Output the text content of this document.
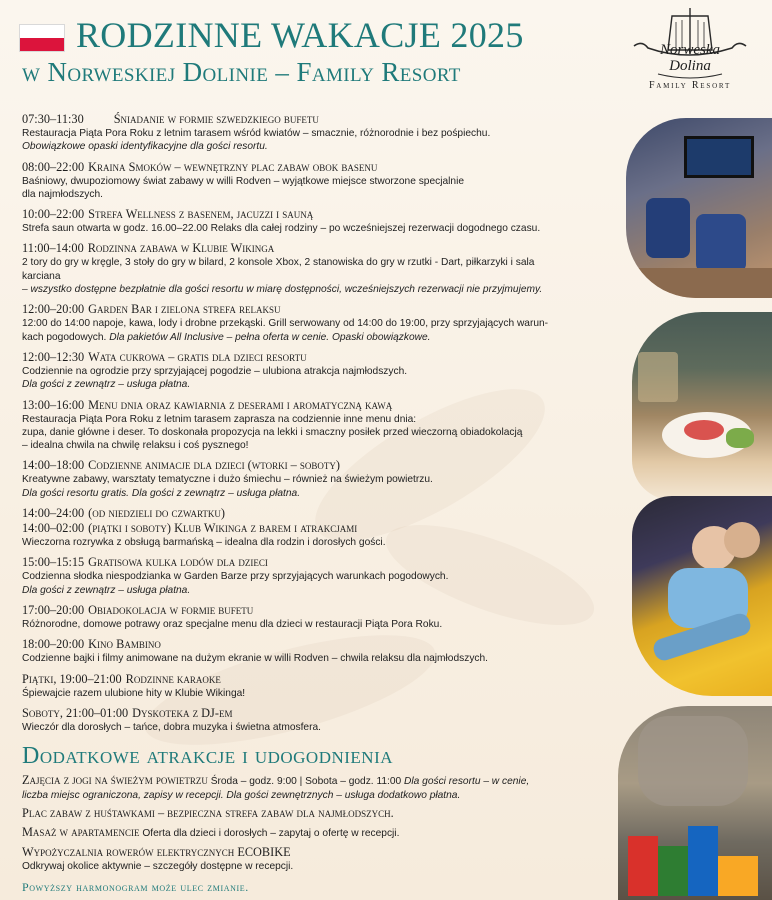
RODZINNE WAKACJE 2025
w Norweskiej Dolinie – Family Resort
Norweska
Dolina
Family Resort
07:30–11:30 Śniadanie w formie szwedzkiego bufetu

Restauracja Piąta Pora Roku z letnim tarasem wśród kwiatów – smacznie, różnorodnie i bez pośpiechu.

Obowiązkowe opaski identyfikacyjne dla gości resortu.

08:00–22:00 Kraina Smoków – wewnętrzny plac zabaw obok basenu

Baśniowy, dwupoziomowy świat zabawy w willi Rodven – wyjątkowe miejsce stworzone specjalnie

dla najmłodszych.

10:00–22:00 Strefa Wellness z basenem, jacuzzi i sauną

Strefa saun otwarta w godz. 16.00–22.00 Relaks dla całej rodziny – po wcześniejszej rezerwacji dogodnego czasu.

11:00–14:00 Rodzinna zabawa w Klubie Wikinga

2 tory do gry w kręgle, 3 stoły do gry w bilard, 2 konsole Xbox, 2 stanowiska do gry w rzutki - Dart, piłkarzyki i sala

karciana

– wszystko dostępne bezpłatnie dla gości resortu w miarę dostępności, wcześniejszych rezerwacji nie przyjmujemy.

12:00–20:00 Garden Bar i zielona strefa relaksu

12:00 do 14:00 napoje, kawa, lody i drobne przekąski. Grill serwowany od 14:00 do 19:00, przy sprzyjających warun-

kach pogodowych. Dla pakietów All Inclusive – pełna oferta w cenie. Opaski obowiązkowe.

12:00–12:30 Wata cukrowa – gratis dla dzieci resortu

Codziennie na ogrodzie przy sprzyjającej pogodzie – ulubiona atrakcja najmłodszych.

Dla gości z zewnątrz – usługa płatna.

13:00–16:00 Menu dnia oraz kawiarnia z deserami i aromatyczną kawą

Restauracja Piąta Pora Roku z letnim tarasem zaprasza na codziennie inne menu dnia:

zupa, danie główne i deser. To doskonała propozycja na lekki i smaczny posiłek przed wieczorną obiadokolacją

– idealna chwila na chwilę relaksu i coś pysznego!

14:00–18:00 Codzienne animacje dla dzieci (wtorki – soboty)

Kreatywne zabawy, warsztaty tematyczne i dużo śmiechu – również na świeżym powietrzu.

Dla gości resortu gratis. Dla gości z zewnątrz – usługa płatna.

14:00–24:00 (od niedzieli do czwartku)
14:00–02:00 (piątki i soboty) Klub Wikinga z barem i atrakcjami

Wieczorna rozrywka z obsługą barmańską – idealna dla rodzin i dorosłych gości.

15:00–15:15 Gratisowa kulka lodów dla dzieci

Codzienna słodka niespodzianka w Garden Barze przy sprzyjających warunkach pogodowych.

Dla gości z zewnątrz – usługa płatna.

17:00–20:00 Obiadokolacja w formie bufetu

Różnorodne, domowe potrawy oraz specjalne menu dla dzieci w restauracji Piąta Pora Roku.

18:00–20:00 Kino Bambino

Codzienne bajki i filmy animowane na dużym ekranie w willi Rodven – chwila relaksu dla najmłodszych.

Piątki, 19:00–21:00 Rodzinne karaoke

Śpiewajcie razem ulubione hity w Klubie Wikinga!

Soboty, 21:00–01:00 Dyskoteka z DJ-em

Wieczór dla dorosłych – tańce, dobra muzyka i świetna atmosfera.

Dodatkowe atrakcje i udogodnienia
Zajęcia z jogi na świeżym powietrzu Środa – godz. 9:00 | Sobota – godz. 11:00 Dla gości resortu – w cenie,

liczba miejsc ograniczona, zapisy w recepcji. Dla gości zewnętrznych – usługa dodatkowo płatna.

Plac zabaw z huśtawkami – bezpieczna strefa zabaw dla najmłodszych.
Masaż w apartamencie Oferta dla dzieci i dorosłych – zapytaj o ofertę w recepcji.
Wypożyczalnia rowerów elektrycznych ECOBIKE

Odkrywaj okolice aktywnie – szczegóły dostępne w recepcji.

Powyższy harmonogram może ulec zmianie.
